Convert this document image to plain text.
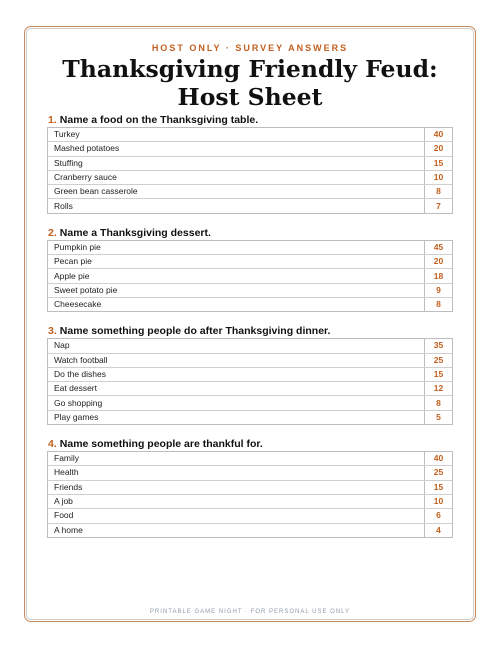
HOST ONLY · SURVEY ANSWERS
Thanksgiving Friendly Feud:
Host Sheet
1. Name a food on the Thanksgiving table.
Turkey	40
Mashed potatoes	20
Stuffing	15
Cranberry sauce	10
Green bean casserole	8
Rolls	7
2. Name a Thanksgiving dessert.
Pumpkin pie	45
Pecan pie	20
Apple pie	18
Sweet potato pie	9
Cheesecake	8
3. Name something people do after Thanksgiving dinner.
Nap	35
Watch football	25
Do the dishes	15
Eat dessert	12
Go shopping	8
Play games	5
4. Name something people are thankful for.
Family	40
Health	25
Friends	15
A job	10
Food	6
A home	4
PRINTABLE GAME NIGHT · FOR PERSONAL USE ONLY
